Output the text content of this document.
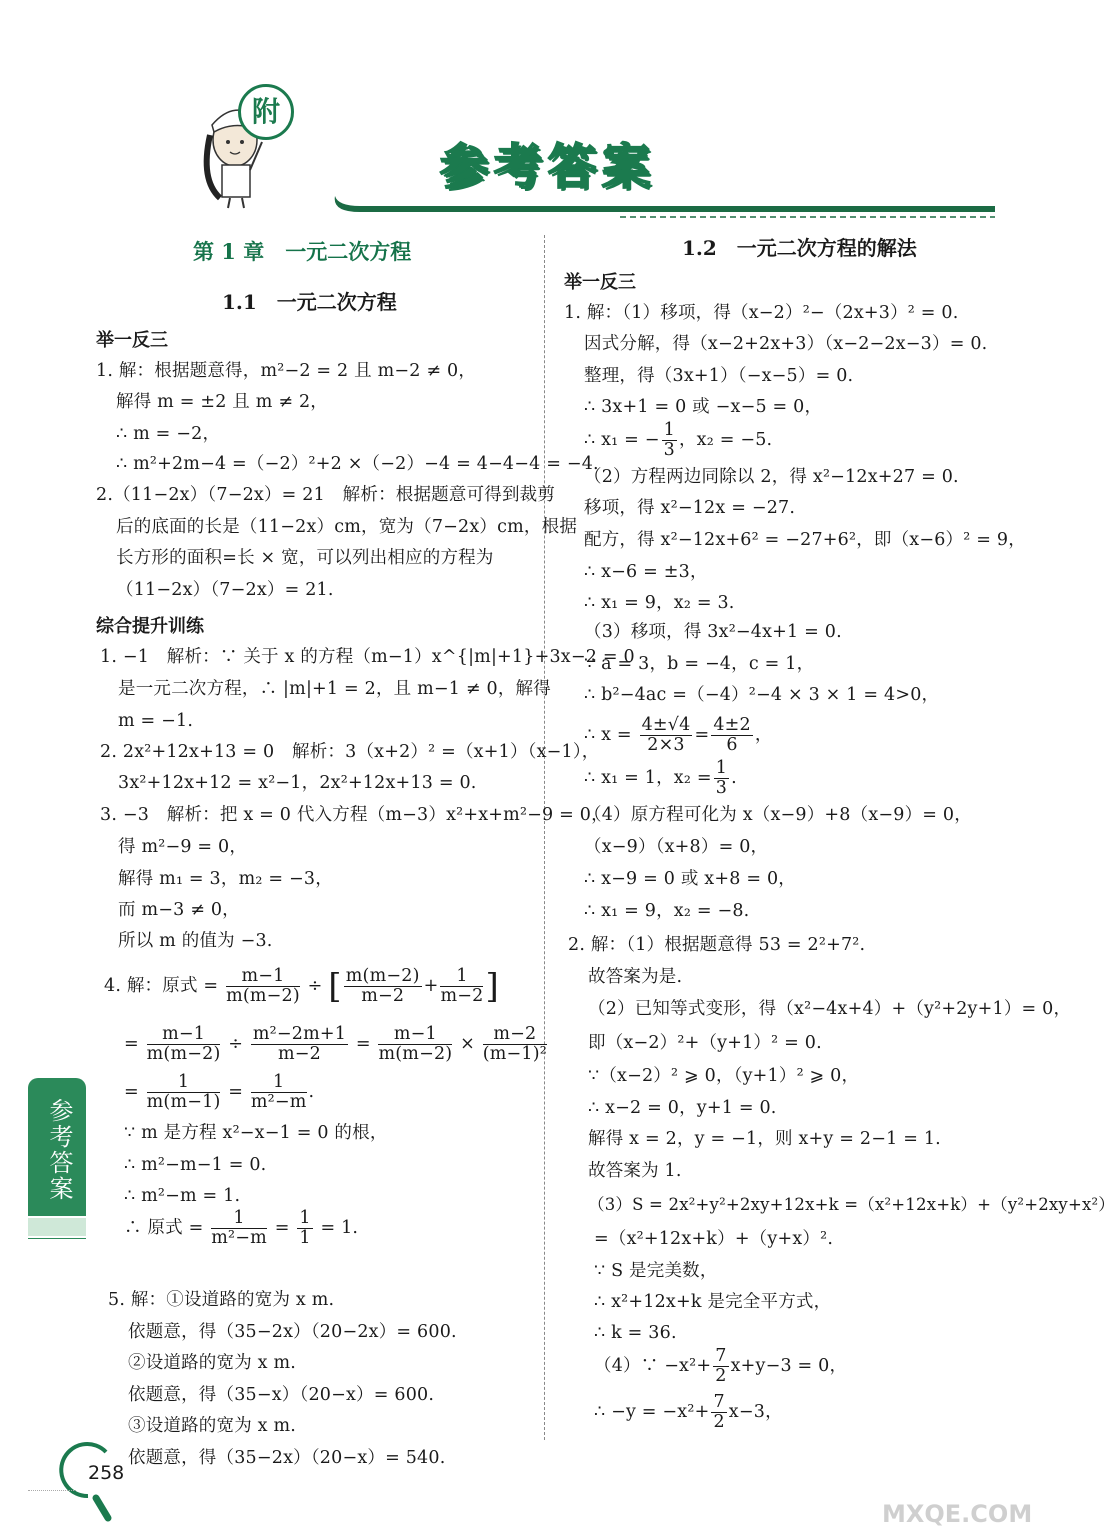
附
参考答案
第 1 章　一元二次方程
1.1　一元二次方程
举一反三
1. 解：根据题意得，m²−2 = 2 且 m−2 ≠ 0，
解得 m = ±2 且 m ≠ 2，
∴ m = −2，
∴ m²+2m−4 =（−2）²+2 ×（−2）−4 = 4−4−4 = −4.
2.（11−2x）（7−2x）= 21　解析：根据题意可得到裁剪
后的底面的长是（11−2x）cm，宽为（7−2x）cm，根据
长方形的面积=长 × 宽，可以列出相应的方程为
（11−2x）（7−2x）= 21.
综合提升训练
1. −1　解析：∵ 关于 x 的方程（m−1）x^{|m|+1}+3x−2 = 0
是一元二次方程，∴ |m|+1 = 2，且 m−1 ≠ 0，解得
m = −1.
2. 2x²+12x+13 = 0　解析：3（x+2）² =（x+1）（x−1），
3x²+12x+12 = x²−1，2x²+12x+13 = 0.
3. −3　解析：把 x = 0 代入方程（m−3）x²+x+m²−9 = 0，
得 m²−9 = 0，
解得 m₁ = 3，m₂ = −3，
而 m−3 ≠ 0，
所以 m 的值为 −3.
4. 解：原式 = $\frac{m-1}{m(m-2)}$ ÷ [ $\frac{m(m-2)}{m-2} + \frac{1}{m-2}$ ]
= $\frac{m-1}{m(m-2)} \div \frac{\text{m²−2m+1}}{m-2} = \frac{m-1}{m(m-2)} \times \frac{m-2}{\text{(m−1)²}}$
= $\frac{1}{m(m-1)} = \frac{1}{\text{m²−m}}$ .
∵ m 是方程 x²−x−1 = 0 的根，
∴ m²−m−1 = 0.
∴ m²−m = 1.
∴ 原式 = $\frac{1}{\text{m²−m}} = \frac{1}{1} = 1$.
5. 解：①设道路的宽为 x m.
依题意，得（35−2x）（20−2x）= 600.
②设道路的宽为 x m.
依题意，得（35−x）（20−x）= 600.
③设道路的宽为 x m.
依题意，得（35−2x）（20−x）= 540.
1.2　一元二次方程的解法
举一反三
1. 解：（1）移项，得（x−2）²−（2x+3）² = 0.
因式分解，得（x−2+2x+3）（x−2−2x−3）= 0.
整理，得（3x+1）（−x−5）= 0.
∴ 3x+1 = 0 或 −x−5 = 0，
∴ x₁ = − $\frac{1}{3}$ ，x₂ = −5.
（2）方程两边同除以 2，得 x²−12x+27 = 0.
移项，得 x²−12x = −27.
配方，得 x²−12x+6² = −27+6²，即（x−6）² = 9，
∴ x−6 = ±3，
∴ x₁ = 9，x₂ = 3.
（3）移项，得 3x²−4x+1 = 0.
∵ a = 3，b = −4，c = 1，
∴ b²−4ac =（−4）²−4 × 3 × 1 = 4>0，
∴ $x = \frac{4\pm√4}{2\times 3} = \frac{4\pm 2}{6}$ ，
∴ x₁ = 1，$x_2 = \frac{1}{3}$ .
（4）原方程可化为 x（x−9）+8（x−9）= 0，
（x−9）（x+8）= 0，
∴ x−9 = 0 或 x+8 = 0，
∴ x₁ = 9，x₂ = −8.
2. 解：（1）根据题意得 53 = 2²+7².
故答案为是.
（2）已知等式变形，得（x²−4x+4）+（y²+2y+1）= 0，
即（x−2）²+（y+1）² = 0.
∵（x−2）² ⩾ 0，（y+1）² ⩾ 0，
∴ x−2 = 0，y+1 = 0.
解得 x = 2，y = −1，则 x+y = 2−1 = 1.
故答案为 1.
（3）S = 2x²+y²+2xy+12x+k =（x²+12x+k）+（y²+2xy+x²）
=（x²+12x+k）+（y+x）².
∵ S 是完美数，
∴ x²+12x+k 是完全平方式，
∴ k = 36.
（4）∵ $-x^2+ \frac{7}{2} x+y-3 = 0$，
∴ $-y = -x^2+ \frac{7}{2} x-3$，
参考答案
258
MXQE.COM
